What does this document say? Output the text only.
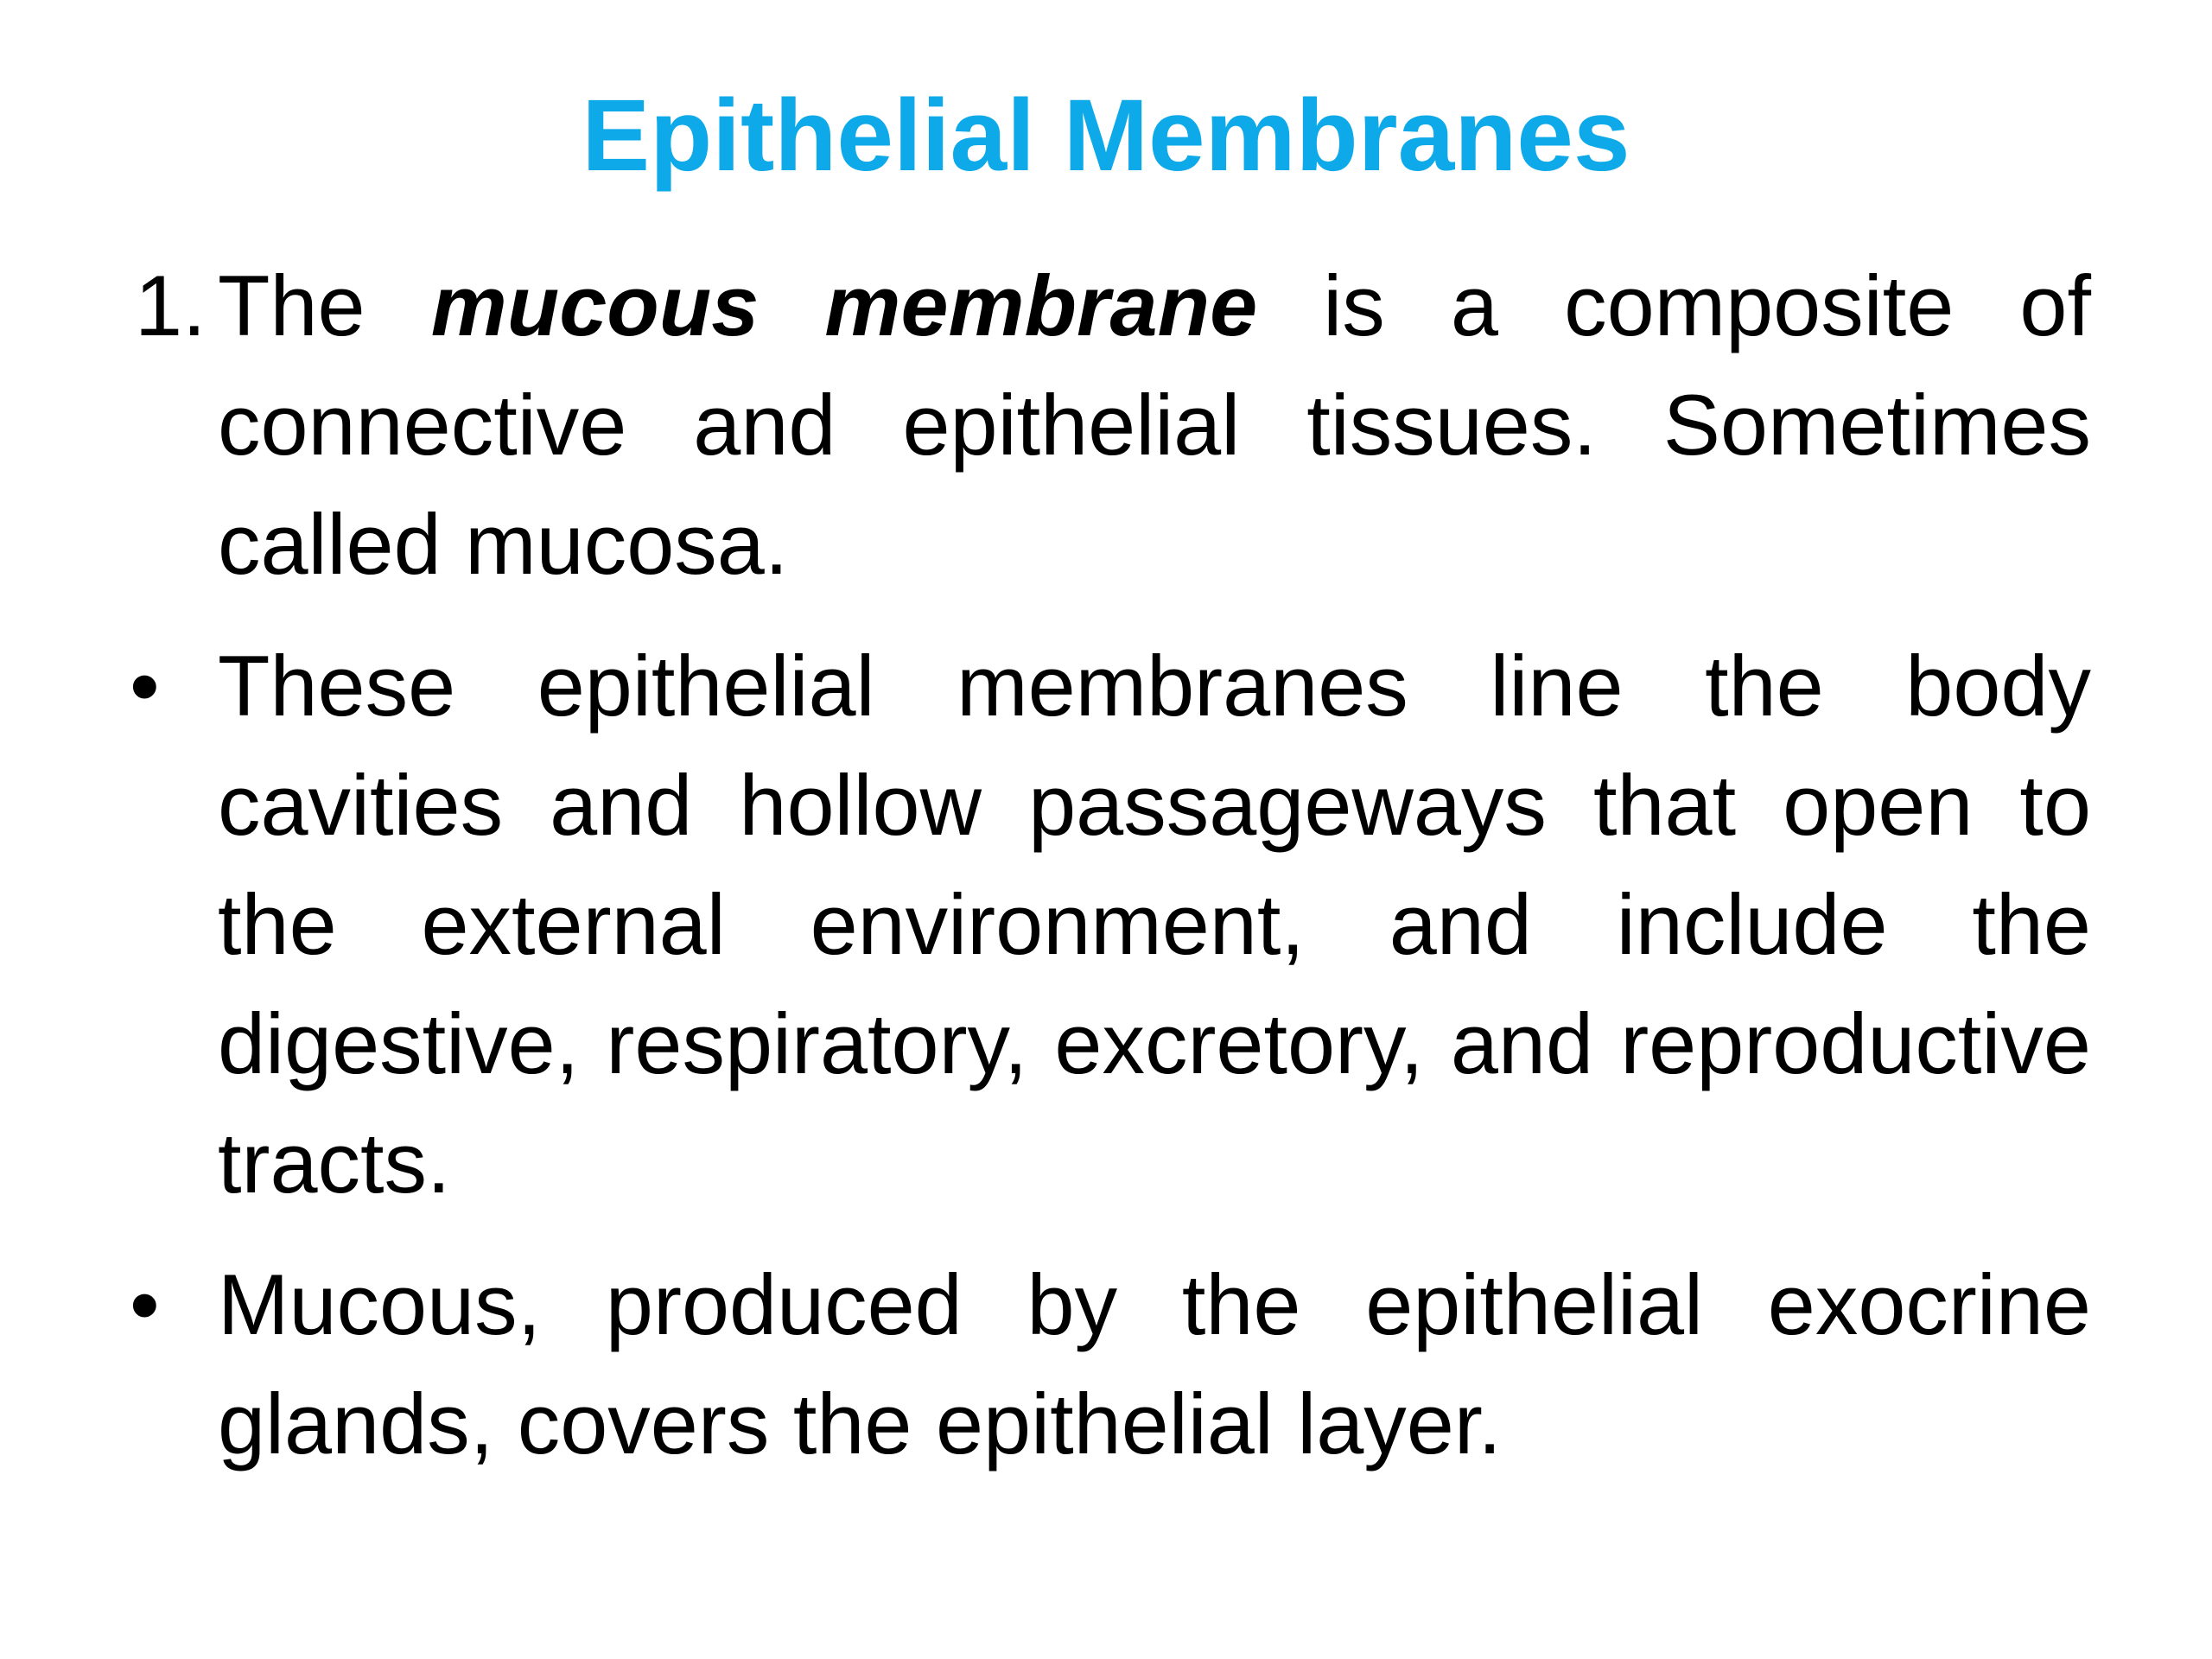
Epithelial Membranes

1. The mucous membrane is a composite of connective and epithelial tissues. Sometimes called mucosa.

• These epithelial membranes line the body cavities and hollow passageways that open to the external environment, and include the digestive, respiratory, excretory, and reproductive tracts.

• Mucous, produced by the epithelial exocrine glands, covers the epithelial layer.
